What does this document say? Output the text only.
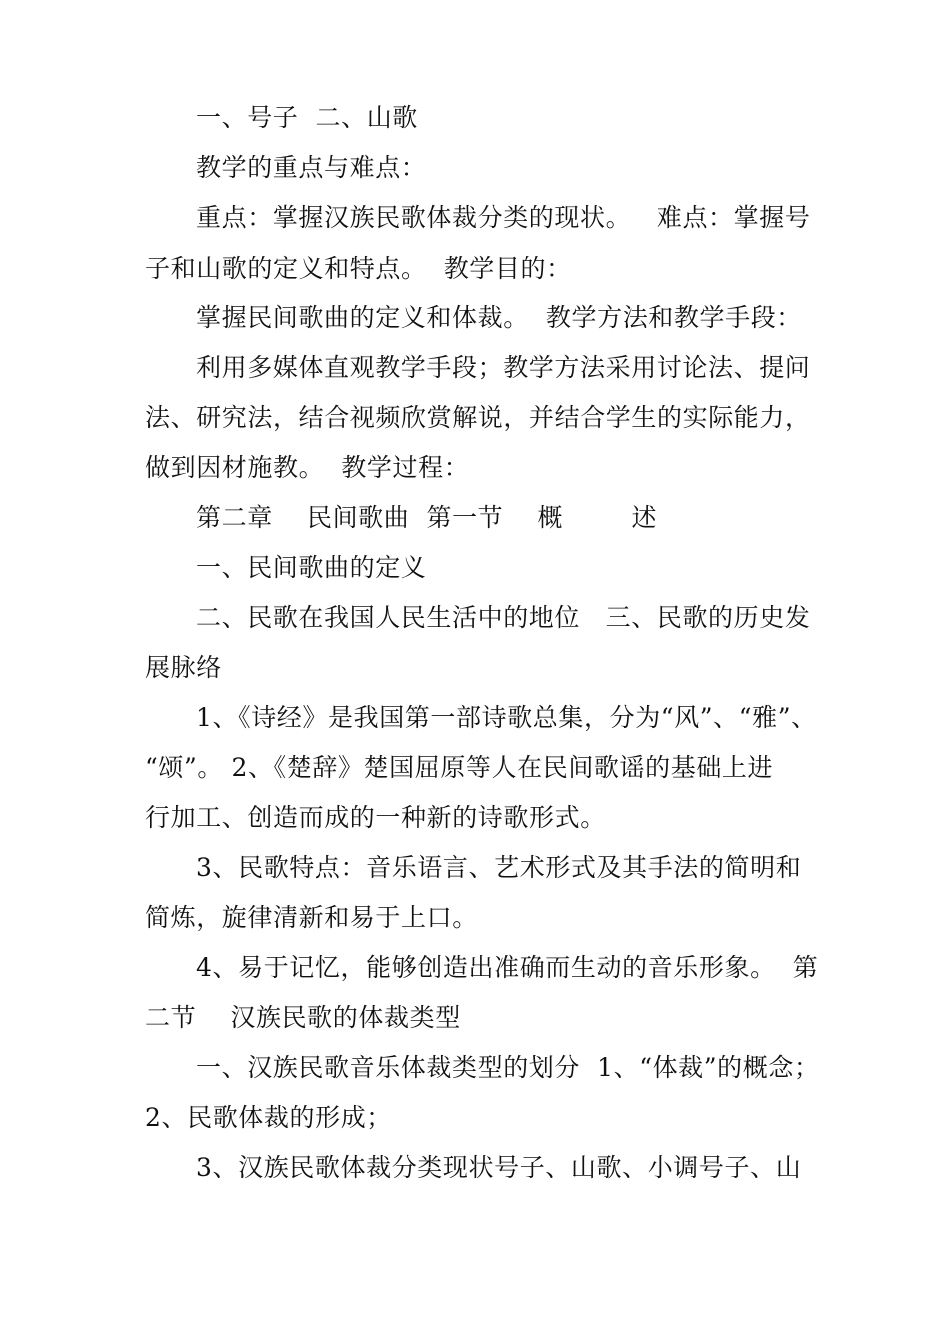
一、号子  二、山歌
教学的重点与难点：
重点：掌握汉族民歌体裁分类的现状。   难点：掌握号
子和山歌的定义和特点。  教学目的：
掌握民间歌曲的定义和体裁。  教学方法和教学手段：
利用多媒体直观教学手段；教学方法采用讨论法、提问
法、研究法，结合视频欣赏解说，并结合学生的实际能力，
做到因材施教。  教学过程：
第二章    民间歌曲  第一节    概        述
一、民间歌曲的定义
二、民歌在我国人民生活中的地位   三、民歌的历史发
展脉络
1、《诗经》是我国第一部诗歌总集，分为“风”、“雅”、
“颂”。 2、《楚辞》楚国屈原等人在民间歌谣的基础上进
行加工、创造而成的一种新的诗歌形式。
3、民歌特点：音乐语言、艺术形式及其手法的简明和
简炼，旋律清新和易于上口。
4、易于记忆，能够创造出准确而生动的音乐形象。  第
二节    汉族民歌的体裁类型
一、汉族民歌音乐体裁类型的划分  1、“体裁”的概念；
2、民歌体裁的形成；
3、汉族民歌体裁分类现状号子、山歌、小调号子、山
